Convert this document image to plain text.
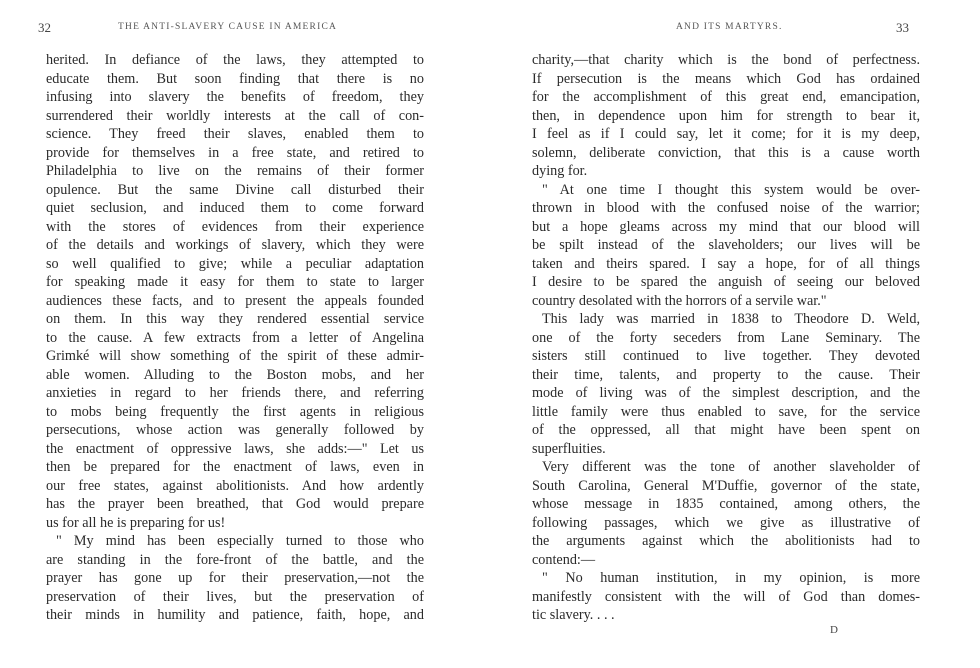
32	THE ANTI-SLAVERY CAUSE IN AMERICA
herited. In defiance of the laws, they attempted to
educate them. But soon finding that there is no
infusing into slavery the benefits of freedom, they
surrendered their worldly interests at the call of con-
science. They freed their slaves, enabled them to
provide for themselves in a free state, and retired to
Philadelphia to live on the remains of their former
opulence. But the same Divine call disturbed their
quiet seclusion, and induced them to come forward
with the stores of evidences from their experience
of the details and workings of slavery, which they were
so well qualified to give; while a peculiar adaptation
for speaking made it easy for them to state to larger
audiences these facts, and to present the appeals founded
on them. In this way they rendered essential service
to the cause. A few extracts from a letter of Angelina
Grimké will show something of the spirit of these admir-
able women. Alluding to the Boston mobs, and her
anxieties in regard to her friends there, and referring
to mobs being frequently the first agents in religious
persecutions, whose action was generally followed by
the enactment of oppressive laws, she adds:—" Let us
then be prepared for the enactment of laws, even in
our free states, against abolitionists. And how ardently
has the prayer been breathed, that God would prepare
us for all he is preparing for us!
" My mind has been especially turned to those who
are standing in the fore-front of the battle, and the
prayer has gone up for their preservation,—not the
preservation of their lives, but the preservation of
their minds in humility and patience, faith, hope, and
AND ITS MARTYRS.	33
charity,—that charity which is the bond of perfectness.
If persecution is the means which God has ordained
for the accomplishment of this great end, emancipation,
then, in dependence upon him for strength to bear it,
I feel as if I could say, let it come; for it is my deep,
solemn, deliberate conviction, that this is a cause worth
dying for.
" At one time I thought this system would be over-
thrown in blood with the confused noise of the warrior;
but a hope gleams across my mind that our blood will
be spilt instead of the slaveholders; our lives will be
taken and theirs spared. I say a hope, for of all things
I desire to be spared the anguish of seeing our beloved
country desolated with the horrors of a servile war."
This lady was married in 1838 to Theodore D. Weld,
one of the forty seceders from Lane Seminary. The
sisters still continued to live together. They devoted
their time, talents, and property to the cause. Their
mode of living was of the simplest description, and the
little family were thus enabled to save, for the service
of the oppressed, all that might have been spent on
superfluities.
Very different was the tone of another slaveholder of
South Carolina, General M'Duffie, governor of the state,
whose message in 1835 contained, among others, the
following passages, which we give as illustrative of
the arguments against which the abolitionists had to
contend:—
" No human institution, in my opinion, is more
manifestly consistent with the will of God than domes-
tic slavery. . . .
D
